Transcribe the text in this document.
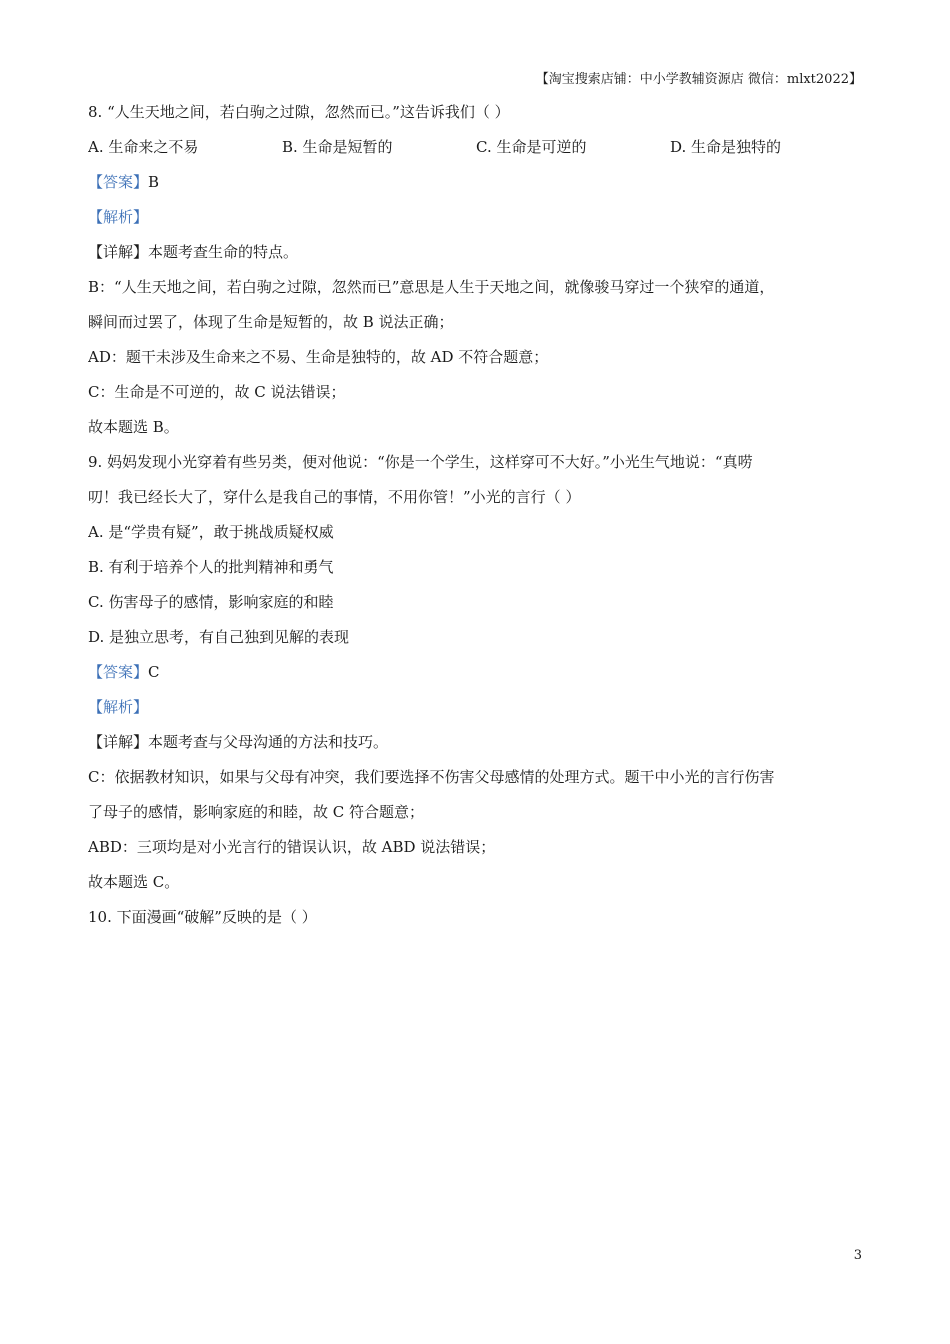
【淘宝搜索店铺：中小学教辅资源店 微信：mlxt2022】
8. “人生天地之间，若白驹之过隙，忽然而已。”这告诉我们（ ）
A. 生命来之不易	B. 生命是短暂的	C. 生命是可逆的	D. 生命是独特的
【答案】B
【解析】
【详解】本题考查生命的特点。
B：“人生天地之间，若白驹之过隙，忽然而已”意思是人生于天地之间，就像骏马穿过一个狭窄的通道，
瞬间而过罢了，体现了生命是短暂的，故 B 说法正确；
AD：题干未涉及生命来之不易、生命是独特的，故 AD 不符合题意；
C：生命是不可逆的，故 C 说法错误；
故本题选 B。
9. 妈妈发现小光穿着有些另类，便对他说：“你是一个学生，这样穿可不大好。”小光生气地说：“真唠
叨！我已经长大了，穿什么是我自己的事情，不用你管！”小光的言行（ ）
A. 是“学贵有疑”，敢于挑战质疑权威
B. 有利于培养个人的批判精神和勇气
C. 伤害母子的感情，影响家庭的和睦
D. 是独立思考，有自己独到见解的表现
【答案】C
【解析】
【详解】本题考查与父母沟通的方法和技巧。
C：依据教材知识，如果与父母有冲突，我们要选择不伤害父母感情的处理方式。题干中小光的言行伤害
了母子的感情，影响家庭的和睦，故 C 符合题意；
ABD：三项均是对小光言行的错误认识，故 ABD 说法错误；
故本题选 C。
10. 下面漫画“破解”反映的是（ ）
3
